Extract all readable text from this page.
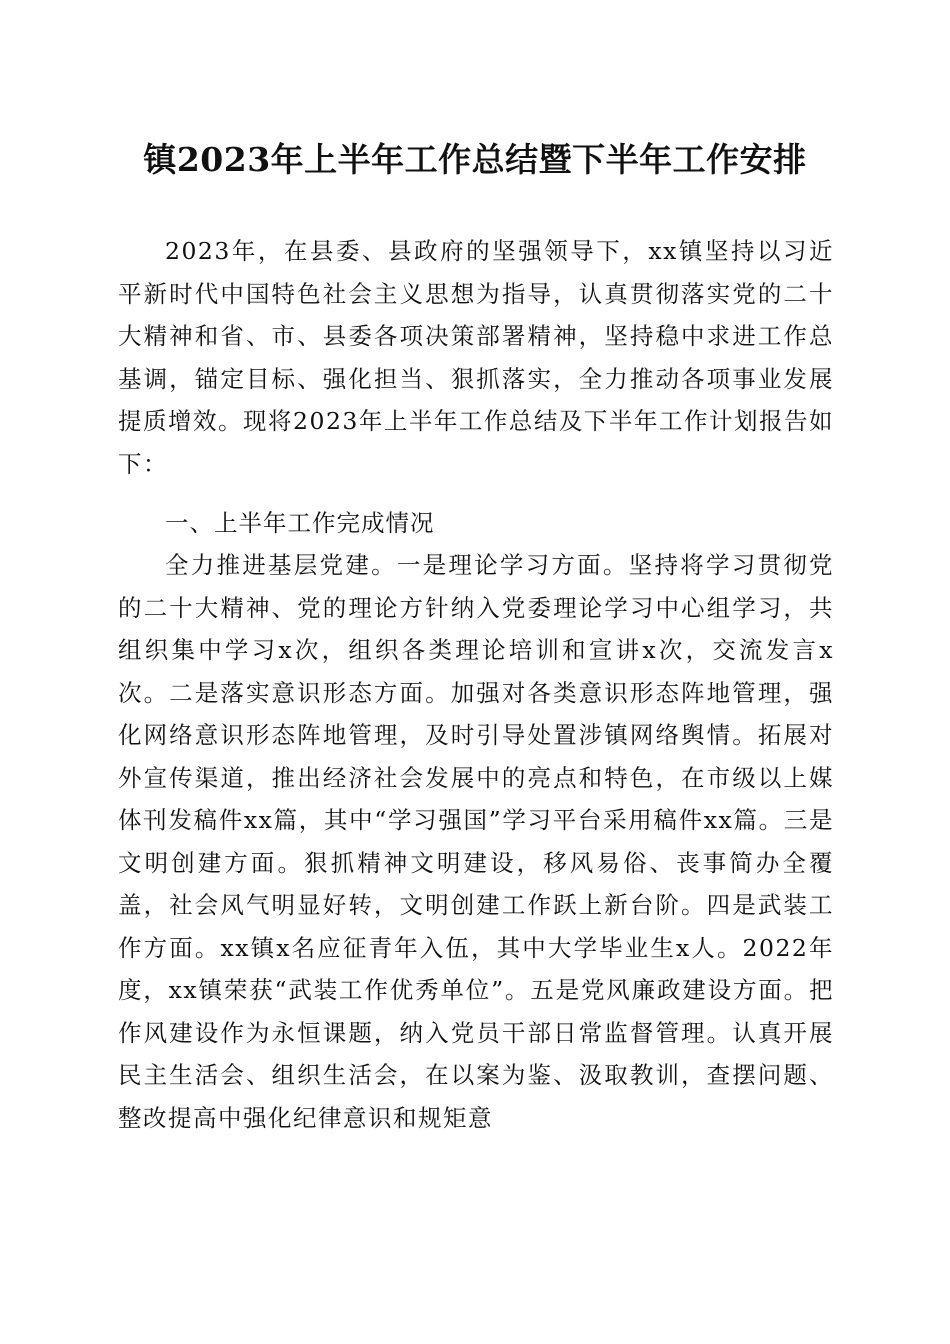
镇2023年上半年工作总结暨下半年工作安排

2023年，在县委、县政府的坚强领导下，xx镇坚持以习近平新时代中国特色社会主义思想为指导，认真贯彻落实党的二十大精神和省、市、县委各项决策部署精神，坚持稳中求进工作总基调，锚定目标、强化担当、狠抓落实，全力推动各项事业发展提质增效。现将2023年上半年工作总结及下半年工作计划报告如下：

一、上半年工作完成情况

全力推进基层党建。一是理论学习方面。坚持将学习贯彻党的二十大精神、党的理论方针纳入党委理论学习中心组学习，共组织集中学习x次，组织各类理论培训和宣讲x次，交流发言x次。二是落实意识形态方面。加强对各类意识形态阵地管理，强化网络意识形态阵地管理，及时引导处置涉镇网络舆情。拓展对外宣传渠道，推出经济社会发展中的亮点和特色，在市级以上媒体刊发稿件xx篇，其中“学习强国”学习平台采用稿件xx篇。三是文明创建方面。狠抓精神文明建设，移风易俗、丧事简办全覆盖，社会风气明显好转，文明创建工作跃上新台阶。四是武装工作方面。xx镇x名应征青年入伍，其中大学毕业生x人。2022年度，xx镇荣获“武装工作优秀单位”。五是党风廉政建设方面。把作风建设作为永恒课题，纳入党员干部日常监督管理。认真开展民主生活会、组织生活会，在以案为鉴、汲取教训，查摆问题、整改提高中强化纪律意识和规矩意
